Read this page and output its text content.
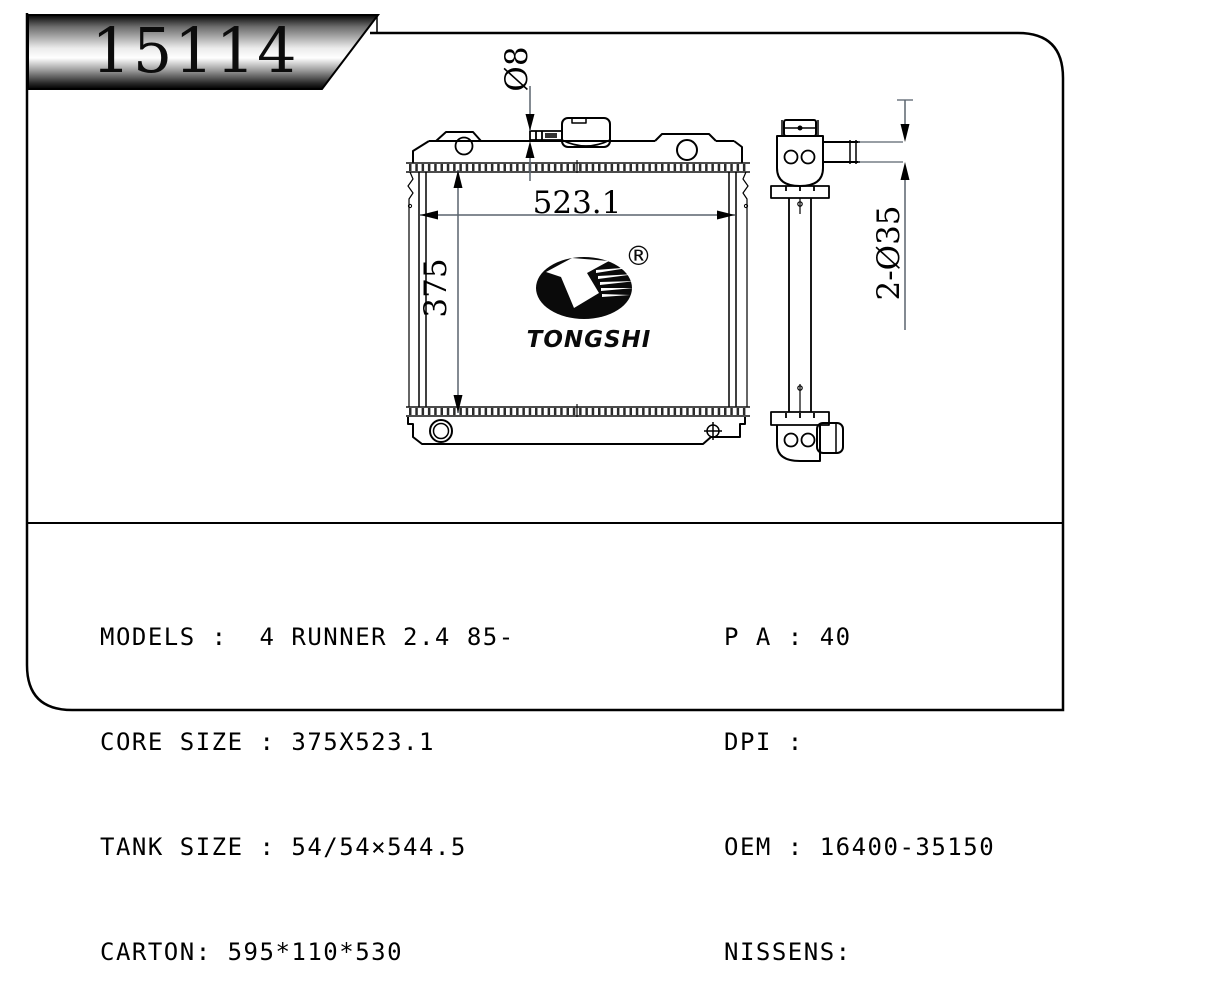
15114
523.1
375
Ø8
2-Ø35
TONGSHI
®

MODELS :  4 RUNNER 2.4 85-

CORE SIZE : 375X523.1

TANK SIZE : 54/54×544.5

CARTON: 595*110*530

P A : 40

DPI :

OEM : 16400-35150

NISSENS:
